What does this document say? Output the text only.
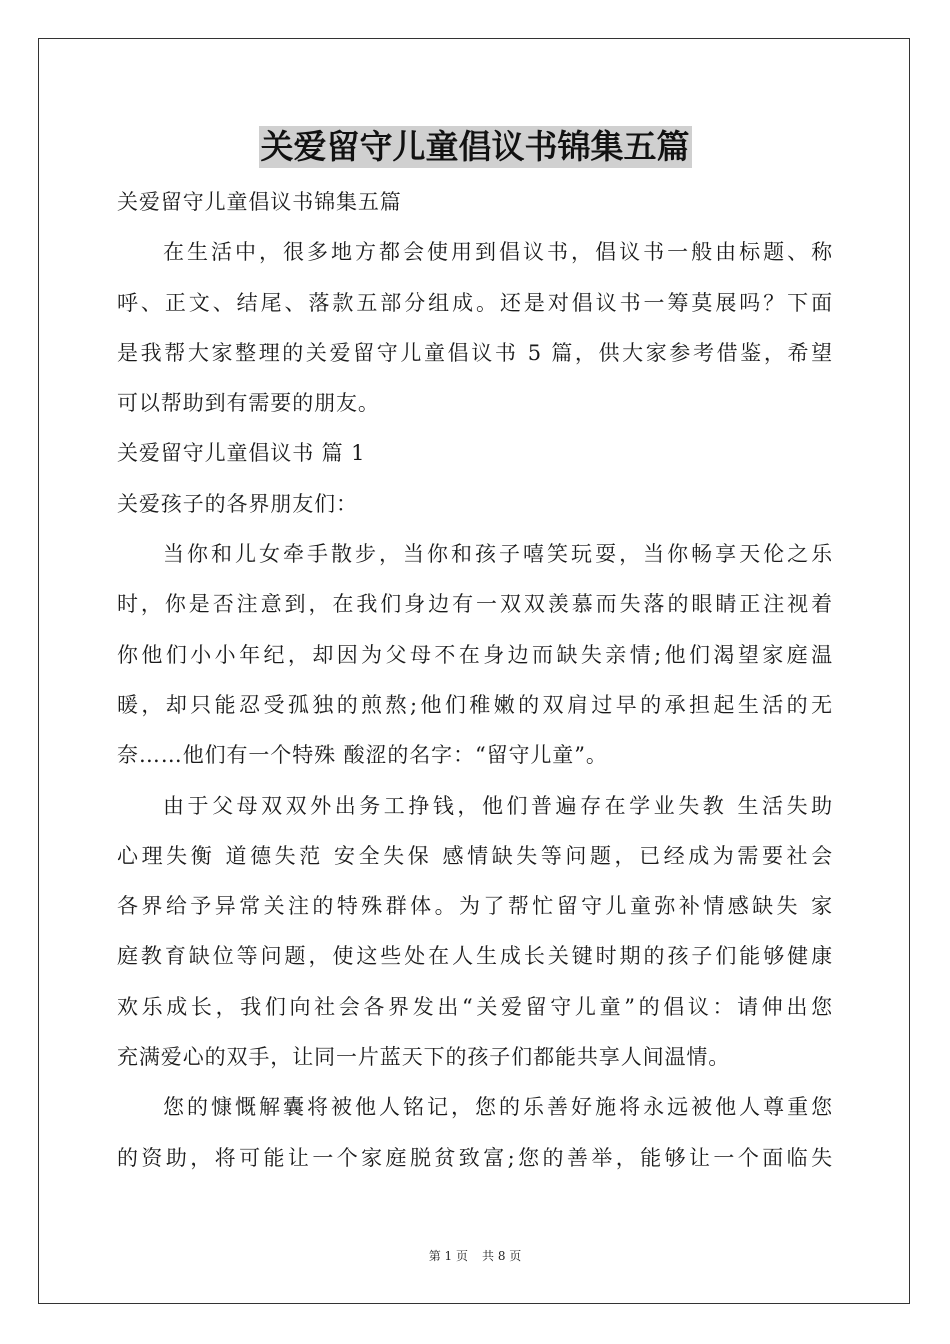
关爱留守儿童倡议书锦集五篇
关爱留守儿童倡议书锦集五篇
在生活中，很多地方都会使用到倡议书，倡议书一般由标题、称
呼、正文、结尾、落款五部分组成。还是对倡议书一筹莫展吗？下面
是我帮大家整理的关爱留守儿童倡议书 5 篇，供大家参考借鉴，希望
可以帮助到有需要的朋友。
关爱留守儿童倡议书 篇 1
关爱孩子的各界朋友们：
当你和儿女牵手散步，当你和孩子嘻笑玩耍，当你畅享天伦之乐
时，你是否注意到，在我们身边有一双双羡慕而失落的眼睛正注视着
你他们小小年纪，却因为父母不在身边而缺失亲情;他们渴望家庭温
暖，却只能忍受孤独的煎熬;他们稚嫩的双肩过早的承担起生活的无
奈……他们有一个特殊 酸涩的名字：“留守儿童”。
由于父母双双外出务工挣钱，他们普遍存在学业失教 生活失助
心理失衡 道德失范 安全失保 感情缺失等问题，已经成为需要社会
各界给予异常关注的特殊群体。为了帮忙留守儿童弥补情感缺失 家
庭教育缺位等问题，使这些处在人生成长关键时期的孩子们能够健康
欢乐成长，我们向社会各界发出“关爱留守儿童”的倡议：请伸出您
充满爱心的双手，让同一片蓝天下的孩子们都能共享人间温情。
您的慷慨解囊将被他人铭记，您的乐善好施将永远被他人尊重您
的资助，将可能让一个家庭脱贫致富;您的善举，能够让一个面临失
第 1 页 共 8 页
